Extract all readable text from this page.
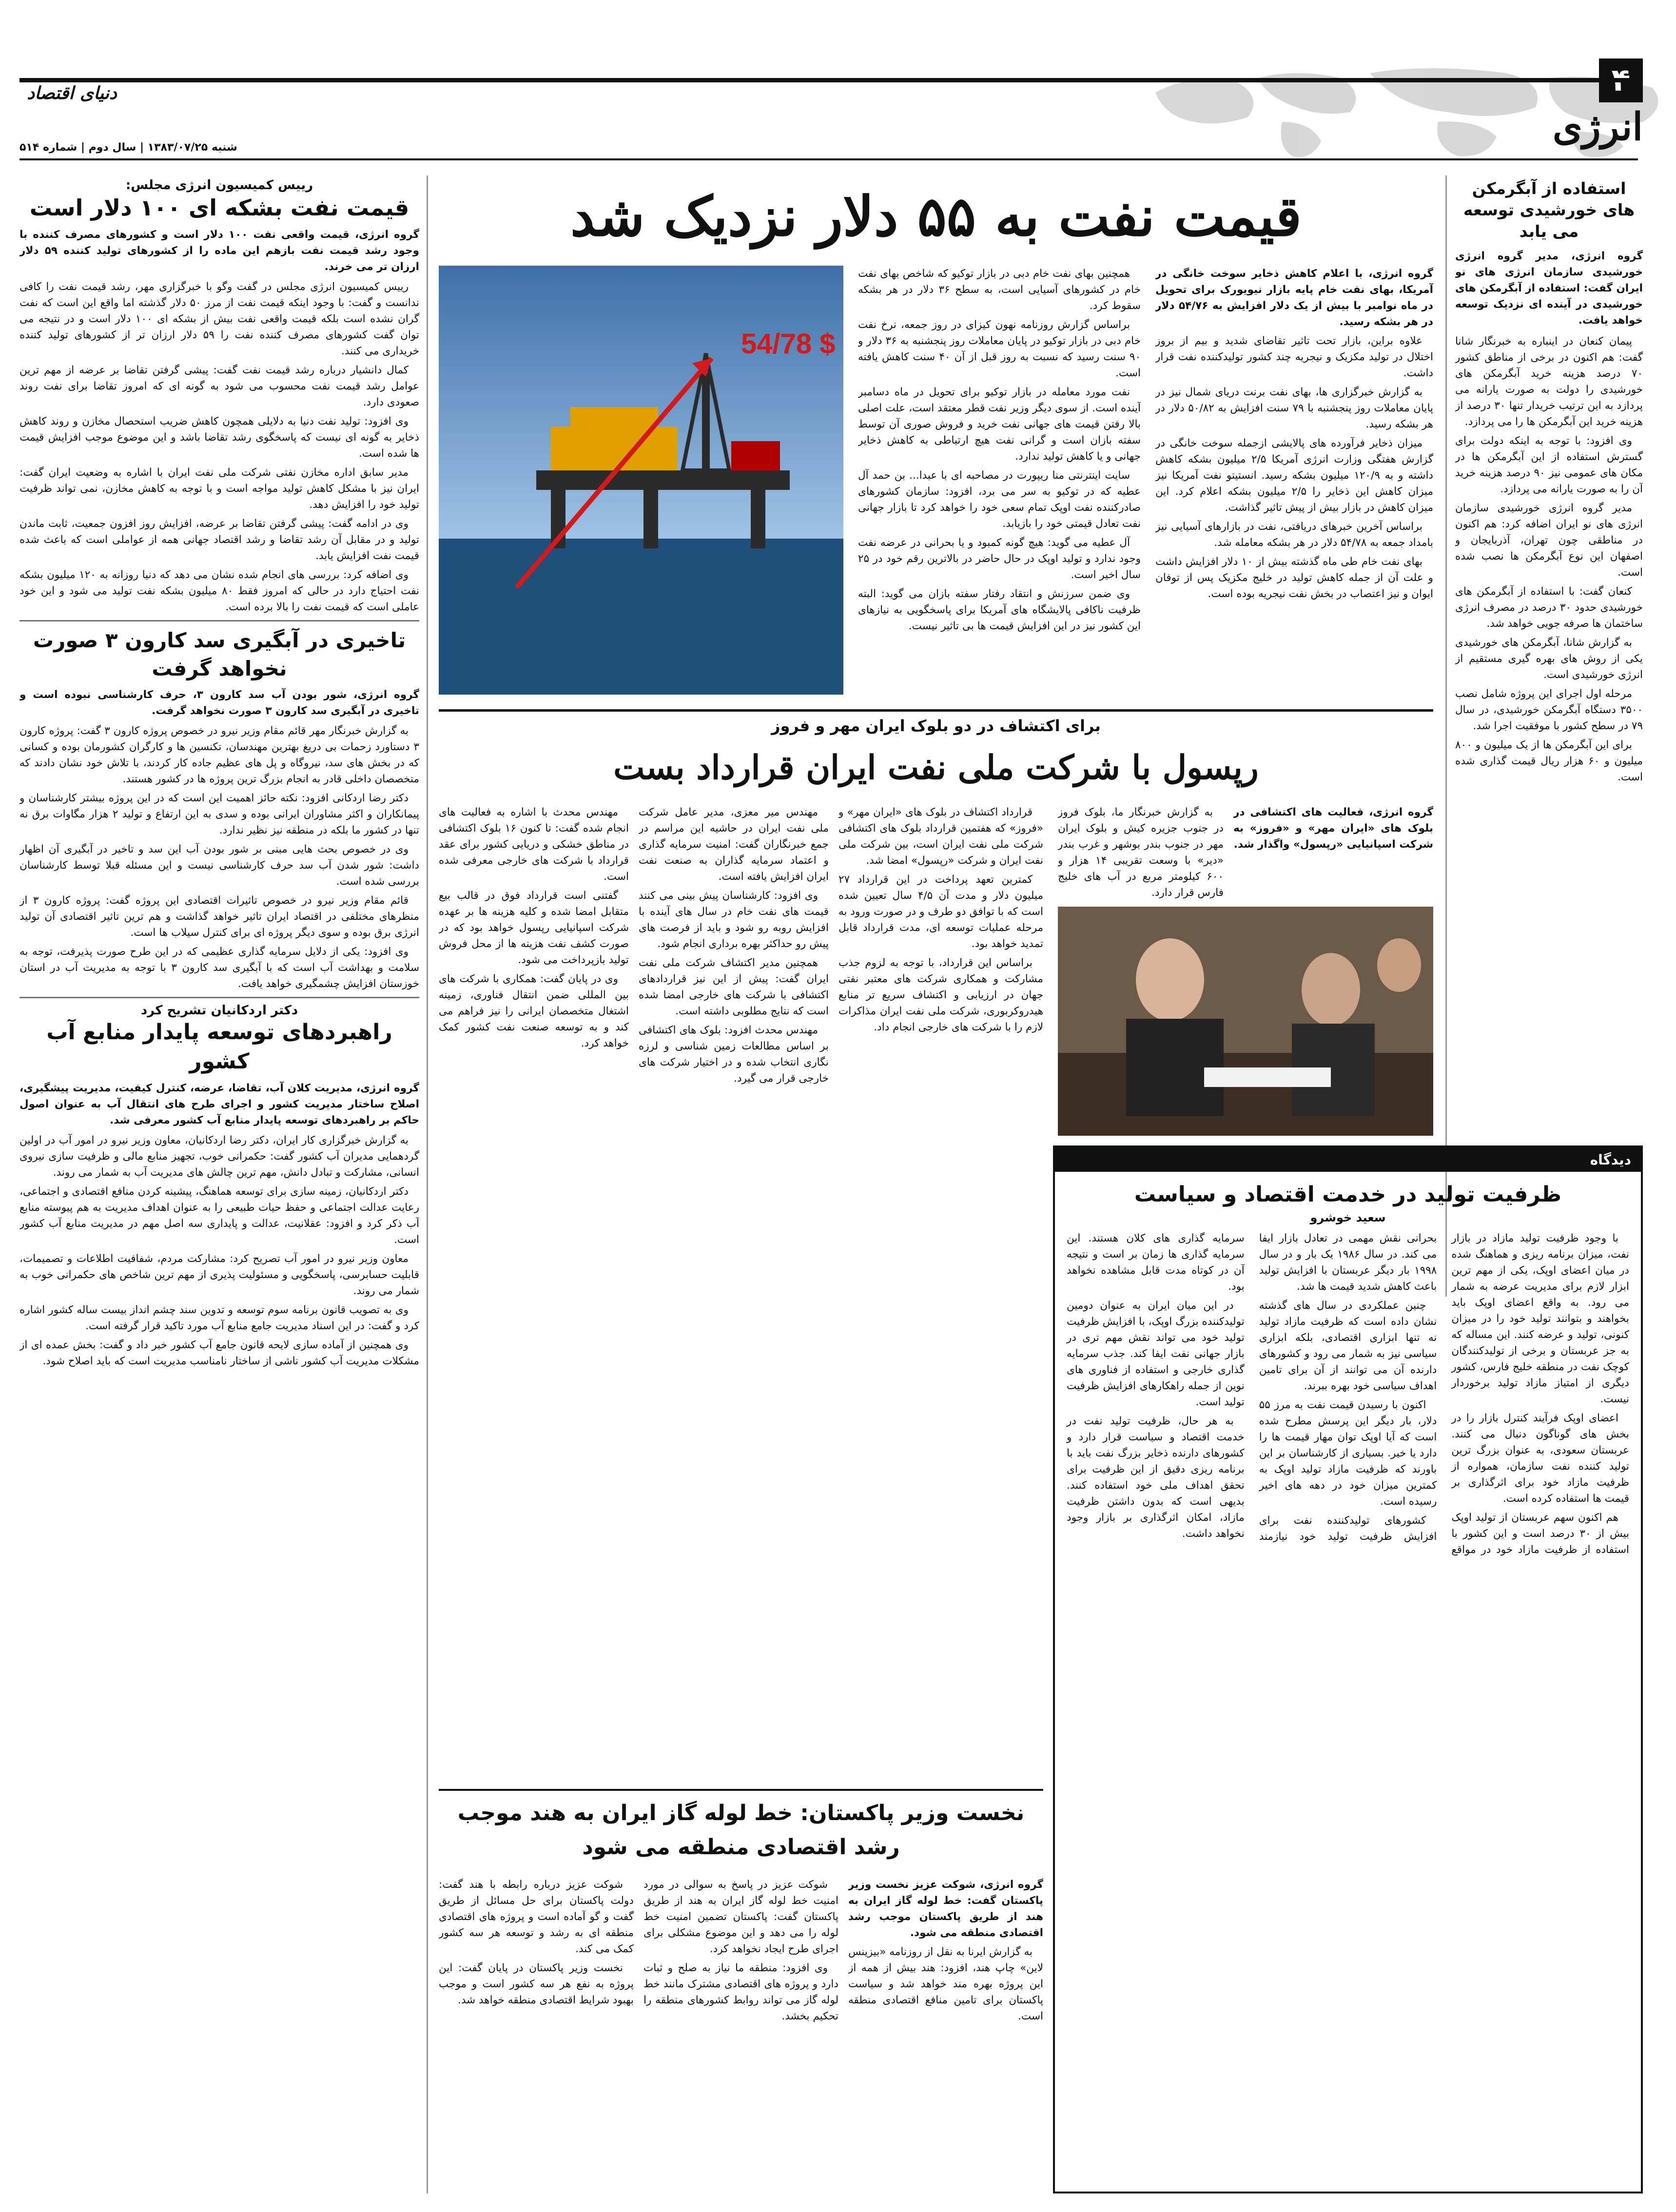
دنیای اقتصاد
انرژی
شنبه ۱۳۸۳/۰۷/۲۵ | سال دوم | شماره ۵۱۴
استفاده از آبگرمکن های خورشیدی توسعه می یابد
گروه انرژی، مدیر گروه انرژی خورشیدی سازمان انرژی های نو ایران گفت: استفاده از آبگرمکن های خورشیدی در آینده ای نزدیک توسعه خواهد یافت.

پیمان کنعان در اینباره به خبرنگار شانا گفت: هم اکنون در برخی از مناطق کشور ۷۰ درصد هزینه خرید آبگرمکن های خورشیدی را دولت به صورت یارانه می پردازد به این ترتیب خریدار تنها ۳۰ درصد از هزینه خرید این آبگرمکن ها را می پردازد.

وی افزود: با توجه به اینکه دولت برای گسترش استفاده از این آبگرمکن ها در مکان های عمومی نیز ۹۰ درصد هزینه خرید آن را به صورت یارانه می پردازد.

مدیر گروه انرژی خورشیدی سازمان انرژی های نو ایران اضافه کرد: هم اکنون در مناطقی چون تهران، آذربایجان و اصفهان این نوع آبگرمکن ها نصب شده است.

کنعان گفت: با استفاده از آبگرمکن های خورشیدی حدود ۳۰ درصد در مصرف انرژی ساختمان ها صرفه جویی خواهد شد.

به گزارش شانا، آبگرمکن های خورشیدی یکی از روش های بهره گیری مستقیم از انرژی خورشیدی است.

مرحله اول اجرای این پروژه شامل نصب ۳۵۰۰ دستگاه آبگرمکن خورشیدی، در سال ۷۹ در سطح کشور با موفقیت اجرا شد.

برای این آبگرمکن ها از یک میلیون و ۸۰۰ میلیون و ۶۰ هزار ریال قیمت گذاری شده است.

قیمت نفت به ۵۵ دلار نزدیک شد

گروه انرژی، با اعلام کاهش ذخایر سوخت خانگی در آمریکا، بهای نفت خام پایه بازار نیویورک برای تحویل در ماه نوامبر با بیش از یک دلار افزایش به ۵۴/۷۶ دلار در هر بشکه رسید.

علاوه براین، بازار تحت تاثیر تقاضای شدید و بیم از بروز اختلال در تولید مکزیک و نیجریه چند کشور تولیدکننده نفت قرار داشت.

به گزارش خبرگزاری ها، بهای نفت برنت دریای شمال نیز در پایان معاملات روز پنجشنبه با ۷۹ سنت افزایش به ۵۰/۸۲ دلار در هر بشکه رسید.

میزان ذخایر فرآورده های پالایشی ازجمله سوخت خانگی در گزارش هفتگی وزارت انرژی آمریکا ۲/۵ میلیون بشکه کاهش داشته و به ۱۲۰/۹ میلیون بشکه رسید. انستیتو نفت آمریکا نیز میزان کاهش این ذخایر را ۲/۵ میلیون بشکه اعلام کرد. این میزان کاهش در بازار بیش از پیش تاثیر گذاشت.

براساس آخرین خبرهای دریافتی، نفت در بازارهای آسیایی نیز بامداد جمعه به ۵۴/۷۸ دلار در هر بشکه معامله شد.

بهای نفت خام طی ماه گذشته بیش از ۱۰ دلار افزایش داشت و علت آن از جمله کاهش تولید در خلیج مکزیک پس از توفان ایوان و نیز اعتصاب در بخش نفت نیجریه بوده است.

همچنین بهای نفت خام دبی در بازار توکیو که شاخص بهای نفت خام در کشورهای آسیایی است، به سطح ۳۶ دلار در هر بشکه سقوط کرد.

براساس گزارش روزنامه نهون کیزای در روز جمعه، نرخ نفت خام دبی در بازار توکیو در پایان معاملات روز پنجشنبه به ۳۶ دلار و ۹۰ سنت رسید که نسبت به روز قبل از آن ۴۰ سنت کاهش یافته است.

نفت مورد معامله در بازار توکیو برای تحویل در ماه دسامبر آینده است. از سوی دیگر وزیر نفت قطر معتقد است، علت اصلی بالا رفتن قیمت های جهانی نفت خرید و فروش صوری آن توسط سفته بازان است و گرانی نفت هیچ ارتباطی به کاهش ذخایر جهانی و یا کاهش تولید ندارد.

سایت اینترنتی منا ریپورت در مصاحبه ای با عبدا... بن حمد آل عطیه که در توکیو به سر می برد، افزود: سازمان کشورهای صادرکننده نفت اوپک تمام سعی خود را خواهد کرد تا بازار جهانی نفت تعادل قیمتی خود را بازیابد.

آل عطیه می گوید: هیچ گونه کمبود و یا بحرانی در عرضه نفت وجود ندارد و تولید اوپک در حال حاضر در بالاترین رقم خود در ۲۵ سال اخیر است.

وی ضمن سرزنش و انتقاد رفتار سفته بازان می گوید: البته ظرفیت ناکافی پالایشگاه های آمریکا برای پاسخگویی به نیازهای این کشور نیز در این افزایش قیمت ها بی تاثیر نیست.

54/78 $
رییس کمیسیون انرژی مجلس:
قیمت نفت بشکه ای ۱۰۰ دلار است
گروه انرژی، قیمت واقعی نفت ۱۰۰ دلار است و کشورهای مصرف کننده با وجود رشد قیمت نفت بازهم این ماده را از کشورهای تولید کننده ۵۹ دلار ارزان تر می خرند.

رییس کمیسیون انرژی مجلس در گفت وگو با خبرگزاری مهر، رشد قیمت نفت را کافی ندانست و گفت: با وجود اینکه قیمت نفت از مرز ۵۰ دلار گذشته اما واقع این است که نفت گران نشده است بلکه قیمت واقعی نفت بیش از بشکه ای ۱۰۰ دلار است و در نتیجه می توان گفت کشورهای مصرف کننده نفت را ۵۹ دلار ارزان تر از کشورهای تولید کننده خریداری می کنند.

کمال دانشیار درباره رشد قیمت نفت گفت: پیشی گرفتن تقاضا بر عرضه از مهم ترین عوامل رشد قیمت نفت محسوب می شود به گونه ای که امروز تقاضا برای نفت روند صعودی دارد.

وی افزود: تولید نفت دنیا به دلایلی همچون کاهش ضریب استحصال مخازن و روند کاهش ذخایر به گونه ای نیست که پاسخگوی رشد تقاضا باشد و این موضوع موجب افزایش قیمت ها شده است.

مدیر سابق اداره مخازن نفتی شرکت ملی نفت ایران با اشاره به وضعیت ایران گفت: ایران نیز با مشکل کاهش تولید مواجه است و با توجه به کاهش مخازن، نمی تواند ظرفیت تولید خود را افزایش دهد.

وی در ادامه گفت: پیشی گرفتن تقاضا بر عرضه، افزایش روز افزون جمعیت، ثابت ماندن تولید و در مقابل آن رشد تقاضا و رشد اقتصاد جهانی همه از عواملی است که باعث شده قیمت نفت افزایش یابد.

وی اضافه کرد: بررسی های انجام شده نشان می دهد که دنیا روزانه به ۱۲۰ میلیون بشکه نفت احتیاج دارد در حالی که امروز فقط ۸۰ میلیون بشکه نفت تولید می شود و این خود عاملی است که قیمت نفت را بالا برده است.

تاخیری در آبگیری سد کارون ۳ صورت نخواهد گرفت
گروه انرژی، شور بودن آب سد کارون ۳، حرف کارشناسی نبوده است و تاخیری در آبگیری سد کارون ۳ صورت نخواهد گرفت.

به گزارش خبرنگار مهر قائم مقام وزیر نیرو در خصوص پروژه کارون ۳ گفت: پروژه کارون ۳ دستاورد زحمات بی دریغ بهترین مهندسان، تکنسین ها و کارگران کشورمان بوده و کسانی که در بخش های سد، نیروگاه و پل های عظیم جاده کار کردند، با تلاش خود نشان دادند که متخصصان داخلی قادر به انجام بزرگ ترین پروژه ها در کشور هستند.

دکتر رضا اردکانی افزود: نکته حائز اهمیت این است که در این پروژه بیشتر کارشناسان و پیمانکاران و اکثر مشاوران ایرانی بوده و سدی به این ارتفاع و تولید ۲ هزار مگاوات برق نه تنها در کشور ما بلکه در منطقه نیز نظیر ندارد.

وی در خصوص بحث هایی مبنی بر شور بودن آب این سد و تاخیر در آبگیری آن اظهار داشت: شور شدن آب سد حرف کارشناسی نیست و این مسئله قبلا توسط کارشناسان بررسی شده است.

قائم مقام وزیر نیرو در خصوص تاثیرات اقتصادی این پروژه گفت: پروژه کارون ۳ از منظرهای مختلفی در اقتصاد ایران تاثیر خواهد گذاشت و هم ترین تاثیر اقتصادی آن تولید انرژی برق بوده و سوی دیگر پروژه ای برای کنترل سیلاب ها است.

وی افزود: یکی از دلایل سرمایه گذاری عظیمی که در این طرح صورت پذیرفت، توجه به سلامت و بهداشت آب است که با آبگیری سد کارون ۳ با توجه به مدیریت آب در استان خوزستان افزایش چشمگیری خواهد یافت.

دکتر اردکانیان تشریح کرد
راهبردهای توسعه پایدار منابع آب کشور
گروه انرژی، مدیریت کلان آب، تقاضا، عرضه، کنترل کیفیت، مدیریت پیشگیری، اصلاح ساختار مدیریت کشور و اجرای طرح های انتقال آب به عنوان اصول حاکم بر راهبردهای توسعه پایدار منابع آب کشور معرفی شد.

به گزارش خبرگزاری کار ایران، دکتر رضا اردکانیان، معاون وزیر نیرو در امور آب در اولین گردهمایی مدیران آب کشور گفت: حکمرانی خوب، تجهیز منابع مالی و ظرفیت سازی نیروی انسانی، مشارکت و تبادل دانش، مهم ترین چالش های مدیریت آب به شمار می روند.

دکتر اردکانیان، زمینه سازی برای توسعه هماهنگ، پیشینه کردن منافع اقتصادی و اجتماعی، رعایت عدالت اجتماعی و حفظ حیات طبیعی را به عنوان اهداف مدیریت به هم پیوسته منابع آب ذکر کرد و افزود: عقلانیت، عدالت و پایداری سه اصل مهم در مدیریت منابع آب کشور است.

معاون وزیر نیرو در امور آب تصریح کرد: مشارکت مردم، شفافیت اطلاعات و تصمیمات، قابلیت حسابرسی، پاسخگویی و مسئولیت پذیری از مهم ترین شاخص های حکمرانی خوب به شمار می روند.

وی به تصویب قانون برنامه سوم توسعه و تدوین سند چشم انداز بیست ساله کشور اشاره کرد و گفت: در این اسناد مدیریت جامع منابع آب مورد تاکید قرار گرفته است.

وی همچنین از آماده سازی لایحه قانون جامع آب کشور خبر داد و گفت: بخش عمده ای از مشکلات مدیریت آب کشور ناشی از ساختار نامناسب مدیریت است که باید اصلاح شود.

برای اکتشاف در دو بلوک ایران مهر و فروز
رپسول با شرکت ملی نفت ایران قرارداد بست

گروه انرژی، فعالیت های اکتشافی در بلوک های «ایران مهر» و «فروز» به شرکت اسپانیایی «رپسول» واگذار شد.

به گزارش خبرنگار ما، بلوک فروز در جنوب جزیره کیش و بلوک ایران مهر در جنوب بندر بوشهر و غرب بندر «دیر» با وسعت تقریبی ۱۴ هزار و ۶۰۰ کیلومتر مربع در آب های خلیج فارس قرار دارد.

قرارداد اکتشاف در بلوک های «ایران مهر» و «فروز» که هفتمین قرارداد بلوک های اکتشافی شرکت ملی نفت ایران است، بین شرکت ملی نفت ایران و شرکت «رپسول» امضا شد.

کمترین تعهد پرداخت در این قرارداد ۲۷ میلیون دلار و مدت آن ۴/۵ سال تعیین شده است که با توافق دو طرف و در صورت ورود به مرحله عملیات توسعه ای، مدت قرارداد قابل تمدید خواهد بود.

براساس این قرارداد، با توجه به لزوم جذب مشارکت و همکاری شرکت های معتبر نفتی جهان در ارزیابی و اکتشاف سریع تر منابع هیدروکربوری، شرکت ملی نفت ایران مذاکرات لازم را با شرکت های خارجی انجام داد.

مهندس میر معزی، مدیر عامل شرکت ملی نفت ایران در حاشیه این مراسم در جمع خبرنگاران گفت: امنیت سرمایه گذاری و اعتماد سرمایه گذاران به صنعت نفت ایران افزایش یافته است.

وی افزود: کارشناسان پیش بینی می کنند قیمت های نفت خام در سال های آینده با افزایش روبه رو شود و باید از فرصت های پیش رو حداکثر بهره برداری انجام شود.

همچنین مدیر اکتشاف شرکت ملی نفت ایران گفت: پیش از این نیز قراردادهای اکتشافی با شرکت های خارجی امضا شده است که نتایج مطلوبی داشته است.

مهندس محدث افزود: بلوک های اکتشافی بر اساس مطالعات زمین شناسی و لرزه نگاری انتخاب شده و در اختیار شرکت های خارجی قرار می گیرد.

مهندس محدث با اشاره به فعالیت های انجام شده گفت: تا کنون ۱۶ بلوک اکتشافی در مناطق خشکی و دریایی کشور برای عقد قرارداد با شرکت های خارجی معرفی شده است.

گفتنی است قرارداد فوق در قالب بیع متقابل امضا شده و کلیه هزینه ها بر عهده شرکت اسپانیایی رپسول خواهد بود که در صورت کشف نفت هزینه ها از محل فروش تولید بازپرداخت می شود.

وی در پایان گفت: همکاری با شرکت های بین المللی ضمن انتقال فناوری، زمینه اشتغال متخصصان ایرانی را نیز فراهم می کند و به توسعه صنعت نفت کشور کمک خواهد کرد.

دیدگاه
ظرفیت تولید در خدمت اقتصاد و سیاست
سعید خوشرو

با وجود ظرفیت تولید مازاد در بازار نفت، میزان برنامه ریزی و هماهنگ شده در میان اعضای اوپک، یکی از مهم ترین ابزار لازم برای مدیریت عرضه به شمار می رود. به واقع اعضای اوپک باید بخواهند و بتوانند تولید خود را در میزان کنونی، تولید و عرضه کنند. این مساله که به جز عربستان و برخی از تولیدکنندگان کوچک نفت در منطقه خلیج فارس، کشور دیگری از امتیاز مازاد تولید برخوردار نیست.

اعضای اوپک فرآیند کنترل بازار را در بخش های گوناگون دنبال می کنند. عربستان سعودی، به عنوان بزرگ ترین تولید کننده نفت سازمان، همواره از ظرفیت مازاد خود برای اثرگذاری بر قیمت ها استفاده کرده است.

هم اکنون سهم عربستان از تولید اوپک بیش از ۳۰ درصد است و این کشور با استفاده از ظرفیت مازاد خود در مواقع بحرانی نقش مهمی در تعادل بازار ایفا می کند. در سال ۱۹۸۶ یک بار و در سال ۱۹۹۸ بار دیگر عربستان با افزایش تولید باعث کاهش شدید قیمت ها شد.

چنین عملکردی در سال های گذشته نشان داده است که ظرفیت مازاد تولید نه تنها ابزاری اقتصادی، بلکه ابزاری سیاسی نیز به شمار می رود و کشورهای دارنده آن می توانند از آن برای تامین اهداف سیاسی خود بهره ببرند.

اکنون با رسیدن قیمت نفت به مرز ۵۵ دلار، بار دیگر این پرسش مطرح شده است که آیا اوپک توان مهار قیمت ها را دارد یا خیر. بسیاری از کارشناسان بر این باورند که ظرفیت مازاد تولید اوپک به کمترین میزان خود در دهه های اخیر رسیده است.

کشورهای تولیدکننده نفت برای افزایش ظرفیت تولید خود نیازمند سرمایه گذاری های کلان هستند. این سرمایه گذاری ها زمان بر است و نتیجه آن در کوتاه مدت قابل مشاهده نخواهد بود.

در این میان ایران به عنوان دومین تولیدکننده بزرگ اوپک، با افزایش ظرفیت تولید خود می تواند نقش مهم تری در بازار جهانی نفت ایفا کند. جذب سرمایه گذاری خارجی و استفاده از فناوری های نوین از جمله راهکارهای افزایش ظرفیت تولید است.

به هر حال، ظرفیت تولید نفت در خدمت اقتصاد و سیاست قرار دارد و کشورهای دارنده ذخایر بزرگ نفت باید با برنامه ریزی دقیق از این ظرفیت برای تحقق اهداف ملی خود استفاده کنند. بدیهی است که بدون داشتن ظرفیت مازاد، امکان اثرگذاری بر بازار وجود نخواهد داشت.

نخست وزیر پاکستان: خط لوله گاز ایران به هند موجب رشد اقتصادی منطقه می شود

گروه انرژی، شوکت عزیز نخست وزیر پاکستان گفت: خط لوله گاز ایران به هند از طریق پاکستان موجب رشد اقتصادی منطقه می شود.

به گزارش ایرنا به نقل از روزنامه «بیزینس لاین» چاپ هند، افزود: هند بیش از همه از این پروژه بهره مند خواهد شد و سیاست پاکستان برای تامین منافع اقتصادی منطقه است.

شوکت عزیز در پاسخ به سوالی در مورد امنیت خط لوله گاز ایران به هند از طریق پاکستان گفت: پاکستان تضمین امنیت خط لوله را می دهد و این موضوع مشکلی برای اجرای طرح ایجاد نخواهد کرد.

وی افزود: منطقه ما نیاز به صلح و ثبات دارد و پروژه های اقتصادی مشترک مانند خط لوله گاز می تواند روابط کشورهای منطقه را تحکیم بخشد.

شوکت عزیز درباره رابطه با هند گفت: دولت پاکستان برای حل مسائل از طریق گفت و گو آماده است و پروژه های اقتصادی منطقه ای به رشد و توسعه هر سه کشور کمک می کند.

نخست وزیر پاکستان در پایان گفت: این پروژه به نفع هر سه کشور است و موجب بهبود شرایط اقتصادی منطقه خواهد شد.
